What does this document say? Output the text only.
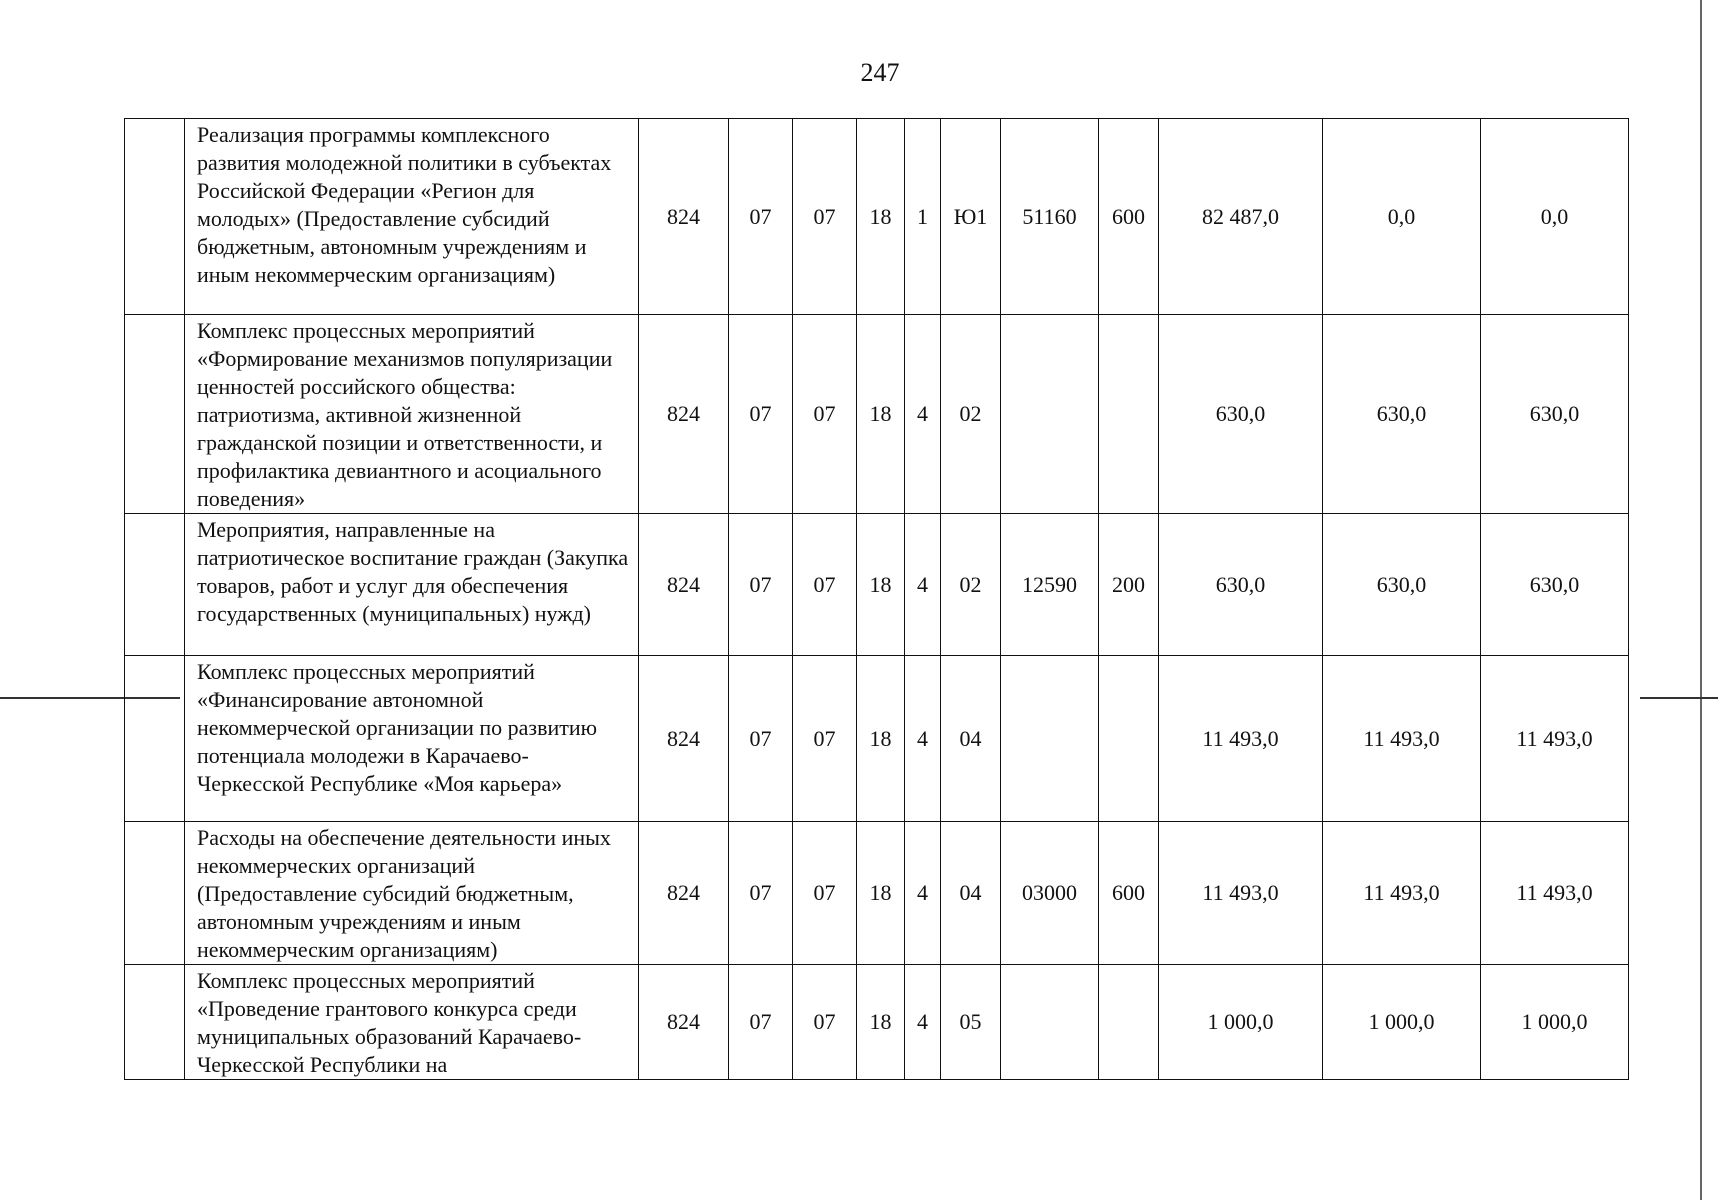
247
	Реализация программы комплексного развития молодежной политики в субъектах Российской Федерации «Регион для молодых» (Предоставление субсидий бюджетным, автономным учреждениям и иным некоммерческим организациям)	824	07	07	18	1	Ю1	51160	600	82 487,0	0,0	0,0
	Комплекс процессных мероприятий «Формирование механизмов популяризации ценностей российского общества: патриотизма, активной жизненной гражданской позиции и ответственности, и профилактика девиантного и асоциального поведения»	824	07	07	18	4	02			630,0	630,0	630,0
	Мероприятия, направленные на патриотическое воспитание граждан (Закупка товаров, работ и услуг для обеспечения государственных (муниципальных) нужд)	824	07	07	18	4	02	12590	200	630,0	630,0	630,0
	Комплекс процессных мероприятий «Финансирование автономной некоммерческой организации по развитию потенциала молодежи в Карачаево-Черкесской Республике «Моя карьера»	824	07	07	18	4	04			11 493,0	11 493,0	11 493,0
	Расходы на обеспечение деятельности иных некоммерческих организаций (Предоставление субсидий бюджетным, автономным учреждениям и иным некоммерческим организациям)	824	07	07	18	4	04	03000	600	11 493,0	11 493,0	11 493,0
	Комплекс процессных мероприятий «Проведение грантового конкурса среди муниципальных образований Карачаево-Черкесской Республики на	824	07	07	18	4	05			1 000,0	1 000,0	1 000,0
